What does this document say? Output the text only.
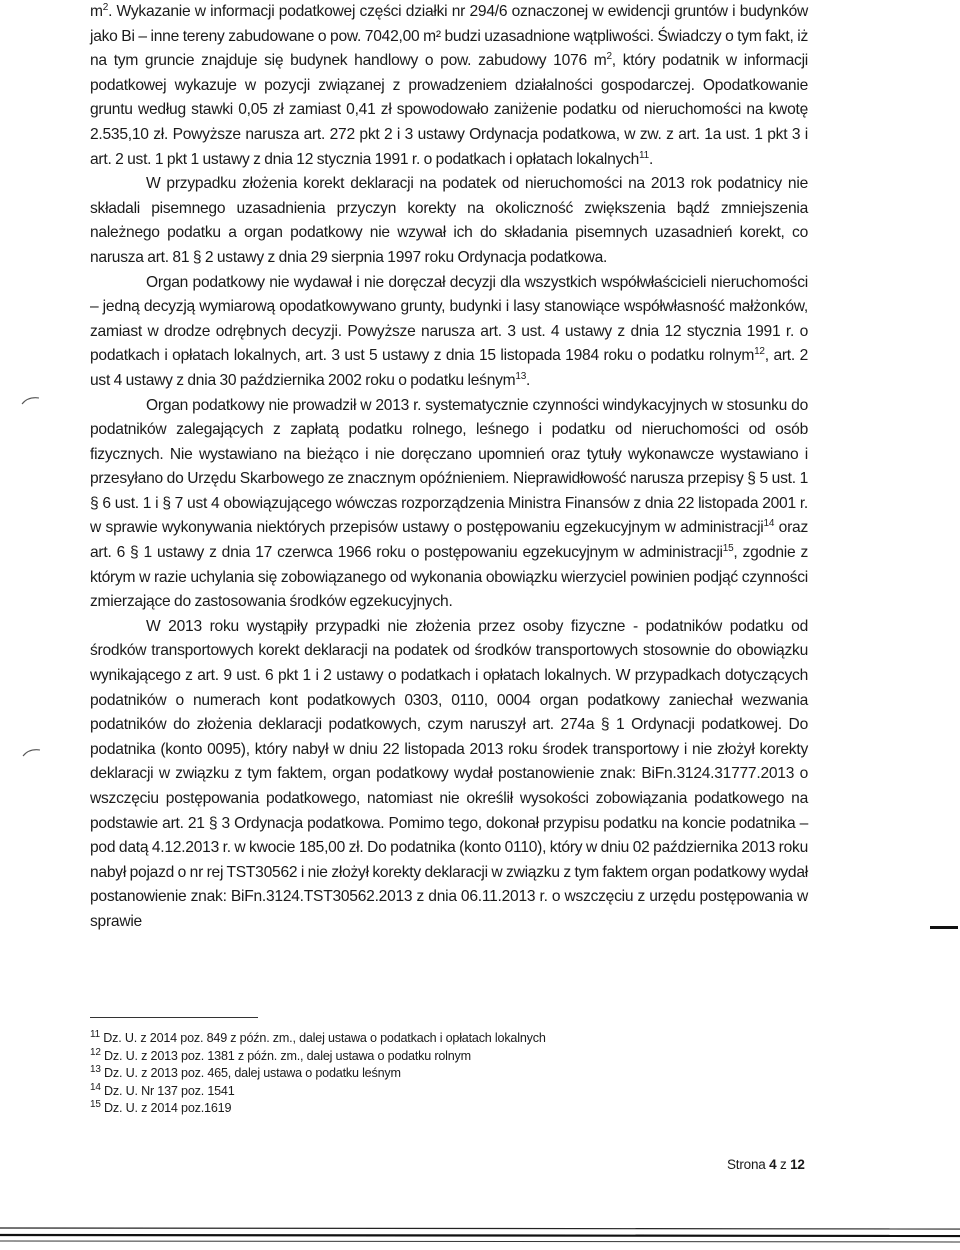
$m^2$. Wykazanie w informacji podatkowej części działki nr 294/6 oznaczonej w ewidencji gruntów i budynków jako Bi – inne tereny zabudowane o pow. 7042,00 m² budzi uzasadnione wątpliwości. Świadczy o tym fakt, iż na tym gruncie znajduje się budynek handlowy o pow. zabudowy 1076 $m^2$, który podatnik w informacji podatkowej wykazuje w pozycji związanej z prowadzeniem działalności gospodarczej. Opodatkowanie gruntu według stawki 0,05 zł zamiast 0,41 zł spowodowało zaniżenie podatku od nieruchomości na kwotę 2.535,10 zł. Powyższe narusza art. 272 pkt 2 i 3 ustawy Ordynacja podatkowa, w zw. z art. 1a ust. 1 pkt 3 i art. 2 ust. 1 pkt 1 ustawy z dnia 12 stycznia 1991 r. o podatkach i opłatach lokalnych$^{11}$.

W przypadku złożenia korekt deklaracji na podatek od nieruchomości na 2013 rok podatnicy nie składali pisemnego uzasadnienia przyczyn korekty na okoliczność zwiększenia bądź zmniejszenia należnego podatku a organ podatkowy nie wzywał ich do składania pisemnych uzasadnień korekt, co narusza art. 81 § 2 ustawy z dnia 29 sierpnia 1997 roku Ordynacja podatkowa.

Organ podatkowy nie wydawał i nie doręczał decyzji dla wszystkich współwłaścicieli nieruchomości – jedną decyzją wymiarową opodatkowywano grunty, budynki i lasy stanowiące współwłasność małżonków, zamiast w drodze odrębnych decyzji. Powyższe narusza art. 3 ust. 4 ustawy z dnia 12 stycznia 1991 r. o podatkach i opłatach lokalnych, art. 3 ust 5 ustawy z dnia 15 listopada 1984 roku o podatku rolnym$^{12}$, art. 2 ust 4 ustawy z dnia 30 października 2002 roku o podatku leśnym$^{13}$.

Organ podatkowy nie prowadził w 2013 r. systematycznie czynności windykacyjnych w stosunku do podatników zalegających z zapłatą podatku rolnego, leśnego i podatku od nieruchomości od osób fizycznych. Nie wystawiano na bieżąco i nie doręczano upomnień oraz tytuły wykonawcze wystawiano i przesyłano do Urzędu Skarbowego ze znacznym opóźnieniem. Nieprawidłowość narusza przepisy § 5 ust. 1 § 6 ust. 1 i § 7 ust 4 obowiązującego wówczas rozporządzenia Ministra Finansów z dnia 22 listopada 2001 r. w sprawie wykonywania niektórych przepisów ustawy o postępowaniu egzekucyjnym w administracji$^{14}$ oraz art. 6 § 1 ustawy z dnia 17 czerwca 1966 roku o postępowaniu egzekucyjnym w administracji$^{15}$, zgodnie z którym w razie uchylania się zobowiązanego od wykonania obowiązku wierzyciel powinien podjąć czynności zmierzające do zastosowania środków egzekucyjnych.

W 2013 roku wystąpiły przypadki nie złożenia przez osoby fizyczne - podatników podatku od środków transportowych korekt deklaracji na podatek od środków transportowych stosownie do obowiązku wynikającego z art. 9 ust. 6 pkt 1 i 2 ustawy o podatkach i opłatach lokalnych. W przypadkach dotyczących podatników o numerach kont podatkowych 0303, 0110, 0004 organ podatkowy zaniechał wezwania podatników do złożenia deklaracji podatkowych, czym naruszył art. 274a § 1 Ordynacji podatkowej. Do podatnika (konto 0095), który nabył w dniu 22 listopada 2013 roku środek transportowy i nie złożył korekty deklaracji w związku z tym faktem, organ podatkowy wydał postanowienie znak: BiFn.3124.31777.2013 o wszczęciu postępowania podatkowego, natomiast nie określił wysokości zobowiązania podatkowego na podstawie art. 21 § 3 Ordynacja podatkowa. Pomimo tego, dokonał przypisu podatku na koncie podatnika – pod datą 4.12.2013 r. w kwocie 185,00 zł. Do podatnika (konto 0110), który w dniu 02 października 2013 roku nabył pojazd o nr rej TST30562 i nie złożył korekty deklaracji w związku z tym faktem organ podatkowy wydał postanowienie znak: BiFn.3124.TST30562.2013 z dnia 06.11.2013 r. o wszczęciu z urzędu postępowania w sprawie

$^{11}$ Dz. U. z 2014 poz. 849 z późn. zm., dalej ustawa o podatkach i opłatach lokalnych
$^{12}$ Dz. U. z 2013 poz. 1381 z późn. zm., dalej ustawa o podatku rolnym
$^{13}$ Dz. U. z 2013 poz. 465, dalej ustawa o podatku leśnym
$^{14}$ Dz. U. Nr 137 poz. 1541
$^{15}$ Dz. U. z 2014 poz.1619
Strona 4 z 12
